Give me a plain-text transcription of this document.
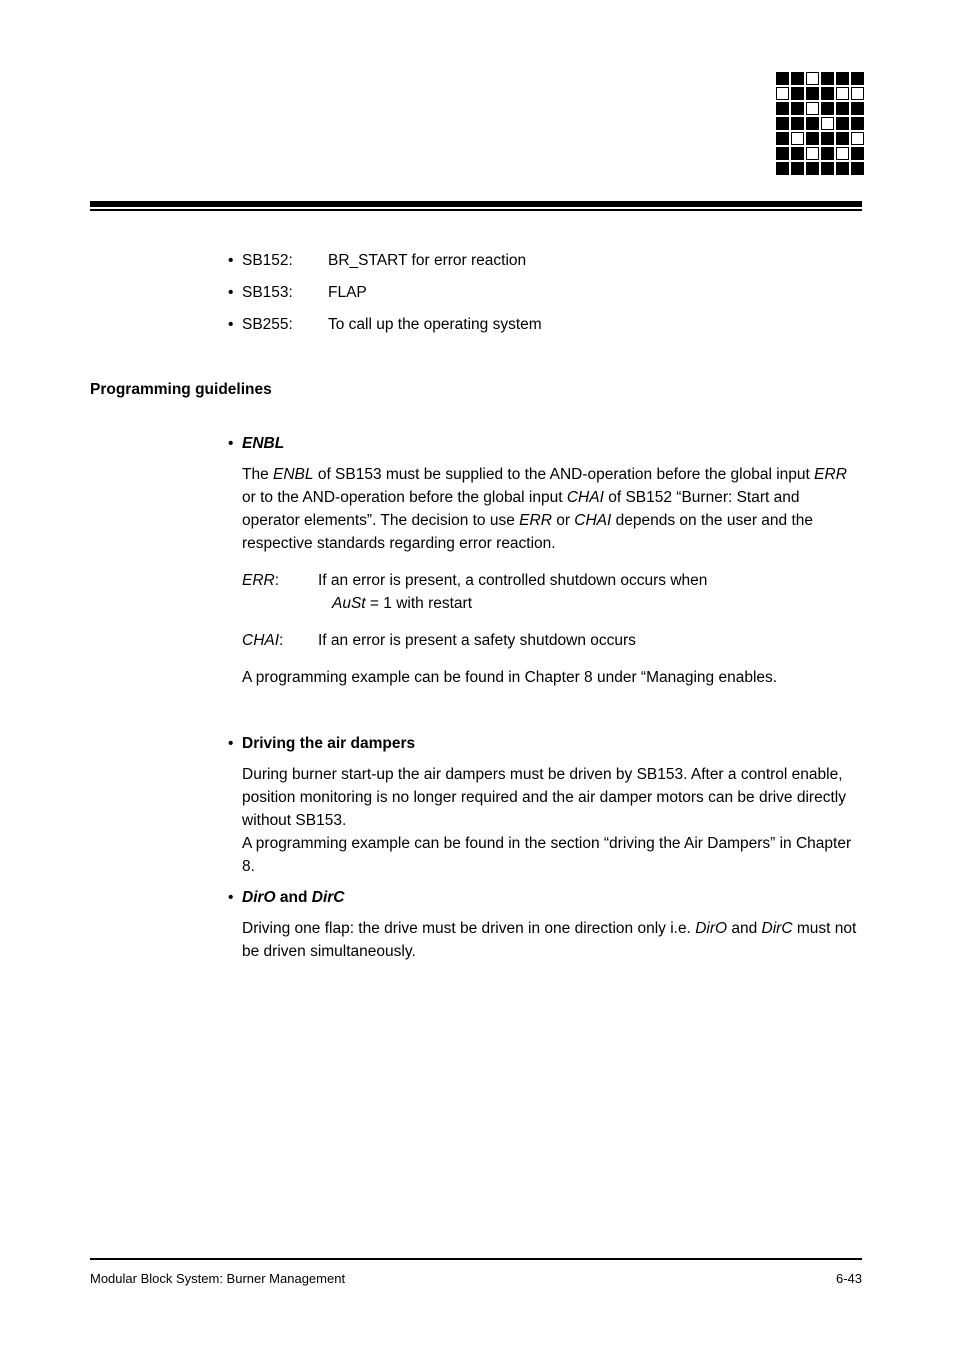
• SB152:	BR_START for error reaction
• SB153:	FLAP
• SB255:	To call up the operating system
Programming guidelines
• ENBL

The ENBL of SB153 must be supplied to the AND-operation before the global input ERR or to the AND-operation before the global input CHAI of SB152 “Burner: Start and operator elements”. The decision to use ERR or CHAI depends on the user and the respective standards regarding error reaction.

ERR:	If an error is present, a controlled shutdown occurs when
AuSt = 1 with restart
CHAI:	If an error is present a safety shutdown occurs

A programming example can be found in Chapter 8 under “Managing enables.

• Driving the air dampers

During burner start-up the air dampers must be driven by SB153. After a control enable, position monitoring is no longer required and the air damper motors can be drive directly without SB153.

A programming example can be found in the section “driving the Air Dampers” in Chapter 8.

• DirO and DirC

Driving one flap: the drive must be driven in one direction only i.e. DirO and DirC must not be driven simultaneously.

Modular Block System: Burner Management	6-43
